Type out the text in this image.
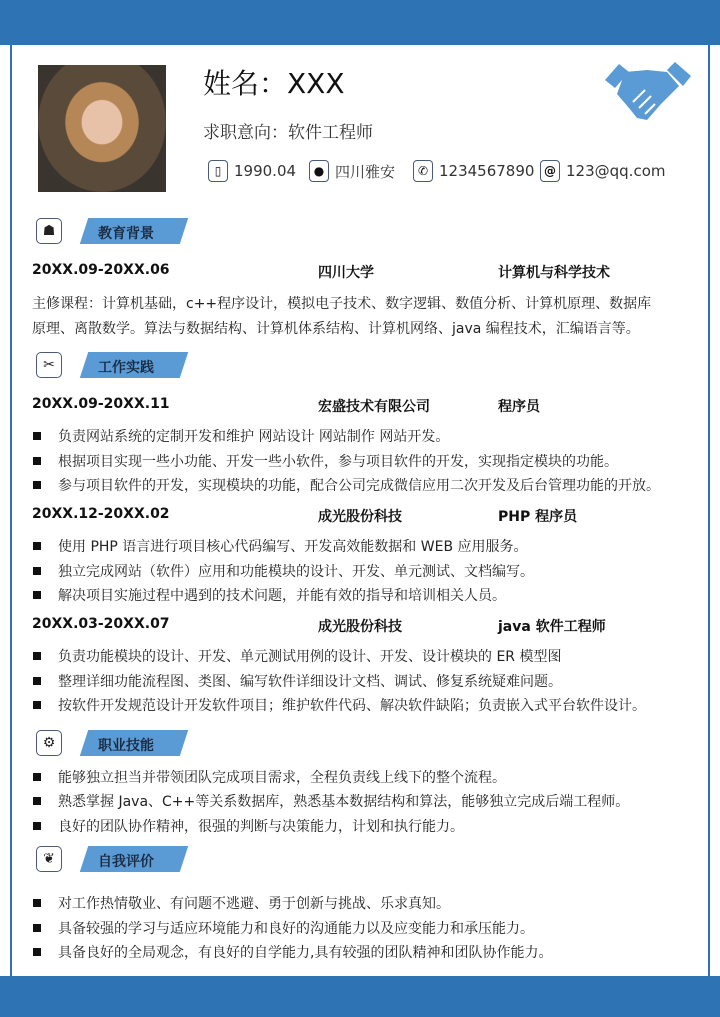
姓名：XXX
求职意向：软件工程师
▯ 1990.04	● 四川雅安	✆ 1234567890 @ 123@qq.com
☗	教育背景
20XX.09-20XX.06	四川大学	计算机与科学技术
主修课程：计算机基础，c++程序设计，模拟电子技术、数字逻辑、数值分析、计算机原理、数据库
原理、离散数学。算法与数据结构、计算机体系结构、计算机网络、java 编程技术，汇编语言等。
✂	工作实践
20XX.09-20XX.11	宏盛技术有限公司	程序员
负责网站系统的定制开发和维护 网站设计 网站制作 网站开发。
根据项目实现一些小功能、开发一些小软件，参与项目软件的开发，实现指定模块的功能。
参与项目软件的开发，实现模块的功能，配合公司完成微信应用二次开发及后台管理功能的开放。
20XX.12-20XX.02	成光股份科技	PHP 程序员
使用 PHP 语言进行项目核心代码编写、开发高效能数据和 WEB 应用服务。
独立完成网站（软件）应用和功能模块的设计、开发、单元测试、文档编写。
解决项目实施过程中遇到的技术问题，并能有效的指导和培训相关人员。
20XX.03-20XX.07	成光股份科技	java 软件工程师
负责功能模块的设计、开发、单元测试用例的设计、开发、设计模块的 ER 模型图
整理详细功能流程图、类图、编写软件详细设计文档、调试、修复系统疑难问题。
按软件开发规范设计开发软件项目；维护软件代码、解决软件缺陷；负责嵌入式平台软件设计。
⚙	职业技能
能够独立担当并带领团队完成项目需求，全程负责线上线下的整个流程。
熟悉掌握 Java、C++等关系数据库，熟悉基本数据结构和算法，能够独立完成后端工程师。
良好的团队协作精神，很强的判断与决策能力，计划和执行能力。
❦	自我评价
对工作热情敬业、有问题不逃避、勇于创新与挑战、乐求真知。
具备较强的学习与适应环境能力和良好的沟通能力以及应变能力和承压能力。
具备良好的全局观念，有良好的自学能力,具有较强的团队精神和团队协作能力。
